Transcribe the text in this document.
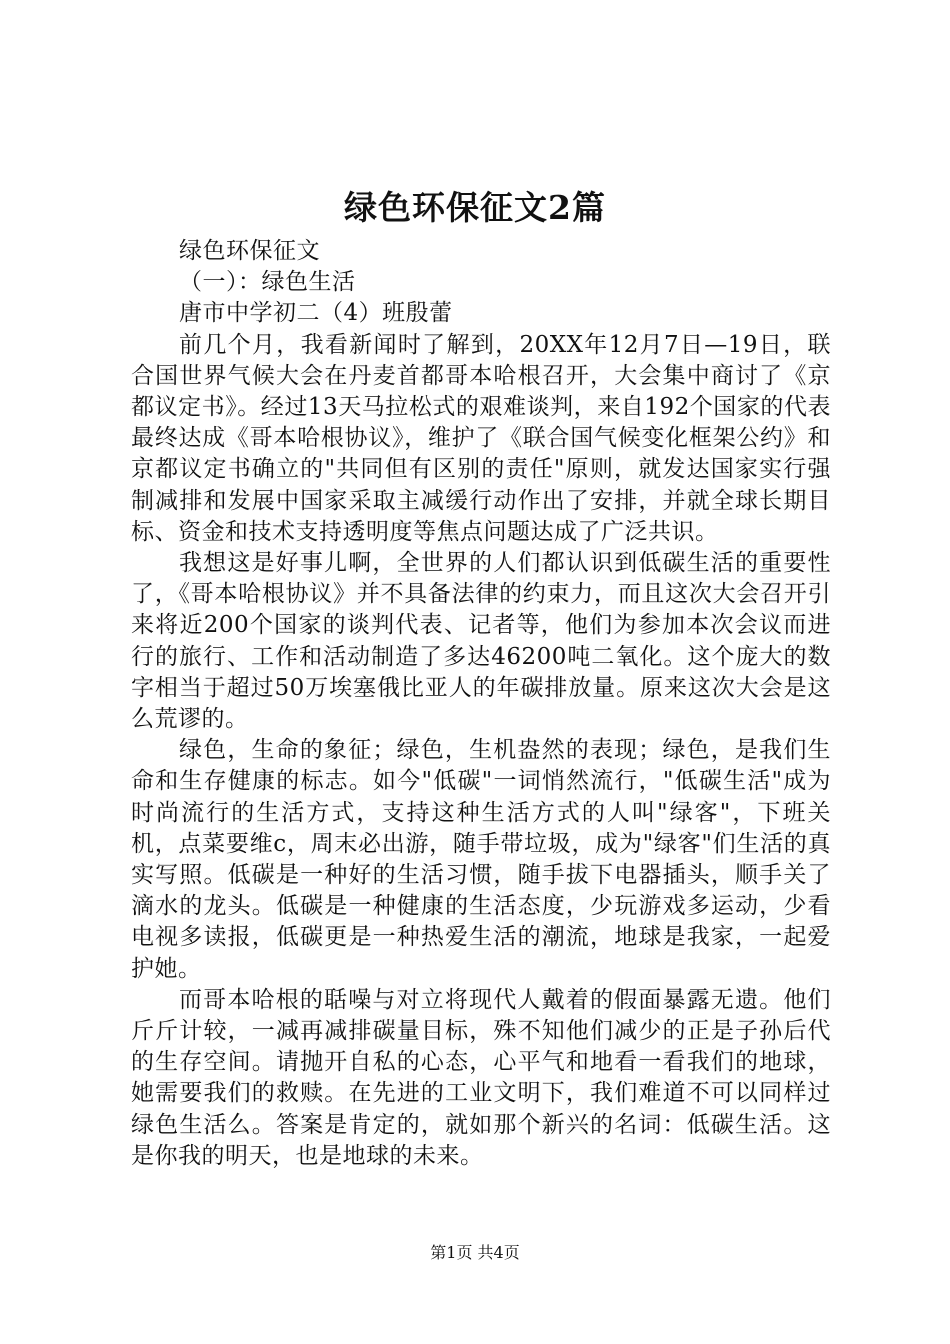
绿色环保征文2篇

绿色环保征文

（一）：绿色生活

唐市中学初二（4）班殷蕾

前几个月，我看新闻时了解到，20XX年12月7日—19日，联合国世界气候大会在丹麦首都哥本哈根召开，大会集中商讨了《京都议定书》。经过13天马拉松式的艰难谈判，来自192个国家的代表最终达成《哥本哈根协议》，维护了《联合国气候变化框架公约》和京都议定书确立的"共同但有区别的责任"原则，就发达国家实行强制减排和发展中国家采取主减缓行动作出了安排，并就全球长期目标、资金和技术支持透明度等焦点问题达成了广泛共识。

我想这是好事儿啊，全世界的人们都认识到低碳生活的重要性了，《哥本哈根协议》并不具备法律的约束力，而且这次大会召开引来将近200个国家的谈判代表、记者等，他们为参加本次会议而进行的旅行、工作和活动制造了多达46200吨二氧化。这个庞大的数字相当于超过50万埃塞俄比亚人的年碳排放量。原来这次大会是这么荒谬的。

绿色，生命的象征；绿色，生机盎然的表现；绿色，是我们生命和生存健康的标志。如今"低碳"一词悄然流行，"低碳生活"成为时尚流行的生活方式，支持这种生活方式的人叫"绿客"，下班关机，点菜要维c，周末必出游，随手带垃圾，成为"绿客"们生活的真实写照。低碳是一种好的生活习惯，随手拔下电器插头，顺手关了滴水的龙头。低碳是一种健康的生活态度，少玩游戏多运动，少看电视多读报，低碳更是一种热爱生活的潮流，地球是我家，一起爱护她。

而哥本哈根的聒噪与对立将现代人戴着的假面暴露无遗。他们斤斤计较，一减再减排碳量目标，殊不知他们减少的正是子孙后代的生存空间。请抛开自私的心态，心平气和地看一看我们的地球，她需要我们的救赎。在先进的工业文明下，我们难道不可以同样过绿色生活么。答案是肯定的，就如那个新兴的名词：低碳生活。这是你我的明天，也是地球的未来。

第1页 共4页
